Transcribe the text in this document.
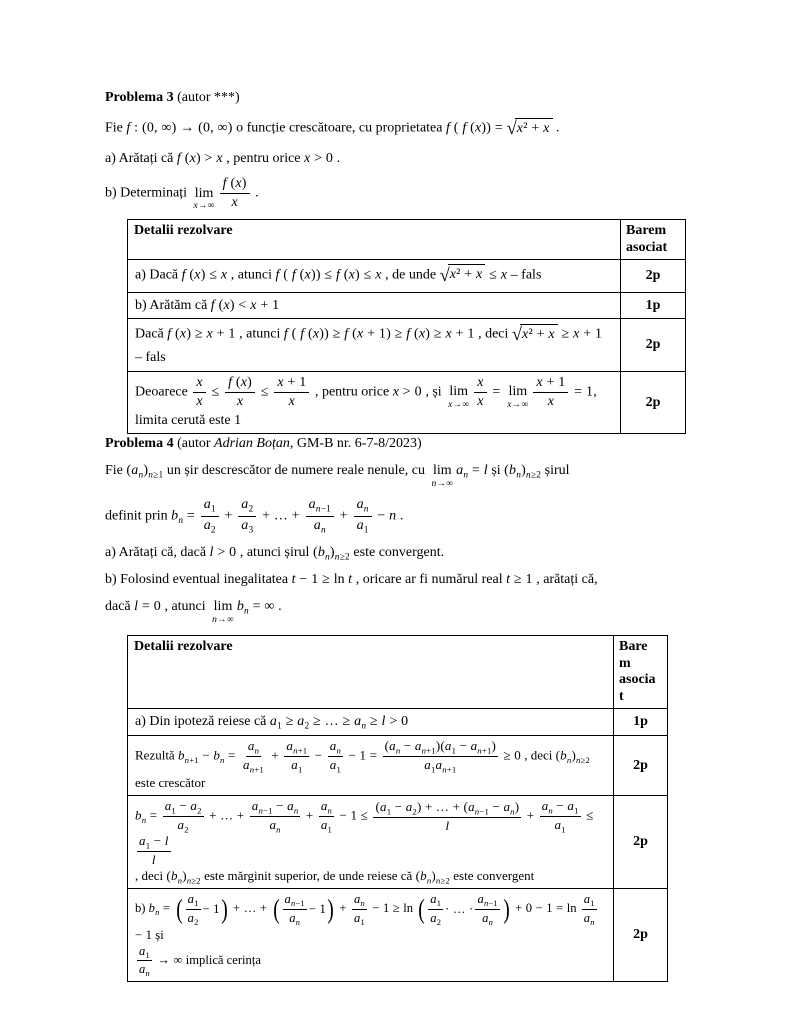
Problema 3 (autor ***)

Fie f : (0, ∞) → (0, ∞) o funcție crescătoare, cu proprietatea f ( f (x)) = √x² + x .

a) Arătați că f (x) > x , pentru orice x > 0 .

b) Determinați lim
$x\to\infty \frac{f (x)}{x}$ .

Detalii rezolvare	Barem asociat
a) Dacă f (x) ≤ x , atunci f ( f (x)) ≤ f (x) ≤ x , de unde √x² + x ≤ x – fals	2p
b) Arătăm că f (x) < x + 1	1p
Dacă f (x) ≥ x + 1 , atunci f ( f (x)) ≥ f (x + 1) ≥ f (x) ≥ x + 1 , deci √x² + x ≥ x + 1
– fals	2p
Deoarece $\frac{x}{x} \le \frac{f (x)}{x} \le \frac{x + 1}{x}$ , pentru orice x > 0 , și lim
$x\to\infty \frac{x}{x} = \lim$
$x\to\infty \frac{x + 1}{x} = 1$, limita cerută este 1	2p

Problema 4 (autor Adrian Boțan, GM-B nr. 6-7-8/2023)

Fie $(a_n)_{n\ge 1}$ un șir descrescător de numere reale nenule, cu lim
n→∞
$a_n = l$ și $(b_n)_{n\ge 2}$ șirul

definit prin $b_n = \frac{a_1}{a_2} + \frac{a_2}{a_3}$ + … + $\frac{a_{n-1}}{a_n} + \frac{a_n}{a_1} - n$ .

a) Arătați că, dacă l > 0 , atunci șirul $(b_n)_{n\ge 2}$ este convergent.

b) Folosind eventual inegalitatea t − 1 ≥ ln t , oricare ar fi numărul real t ≥ 1 , arătați că,

dacă l = 0 , atunci lim
n→∞
$b_n$ = ∞ .

Detalii rezolvare	Barem asociat
a) Din ipoteză reiese că $a_1 \ge a_2$ ≥ … ≥ $a_n \ge l > 0$	1p
Rezultă $b_{n+1} - b_n = \frac{a_n}{a_{n+1}} + \frac{a_{n+1}}{a_1} - \frac{a_n}{a_1} - 1 = \frac{(a_n - a_{n+1})(a_1 - a_{n+1})}{a_1a_{n+1}} \ge 0$ , deci $(b_n)_{n\ge 2}$
este crescător	2p
$b_n = \frac{a_1 - a_2}{a_2}$ + … + $\frac{a_{n-1} - a_n}{a_n} + \frac{a_n}{a_1} - 1 \le \frac{(a_1 - a_2) + \dots + (a_{n-1} - a_n)}{l} + \frac{a_n - a_1}{a_1}$ ≤
$\frac{a_1 - l}{l}$

, deci $(b_n)_{n\ge 2}$ este mărginit superior, de unde reiese că $(b_n)_{n\ge 2}$ este convergent	2p
b) $b_n$ = ( $\frac{a_1}{a_2} - 1$ ) + … + ( $\frac{a_{n-1}}{a_n} - 1$ ) + $\frac{a_n}{a_1} - 1 \ge \ln$ ( $\frac{a_1}{a_2}$ · … · $\frac{a_{n-1}}{a_n}$ ) + $0 - 1 = \ln \frac{a_1}{a_n}$
− 1 și

$\frac{a_1}{a_n}$ → ∞ implică cerința	2p
